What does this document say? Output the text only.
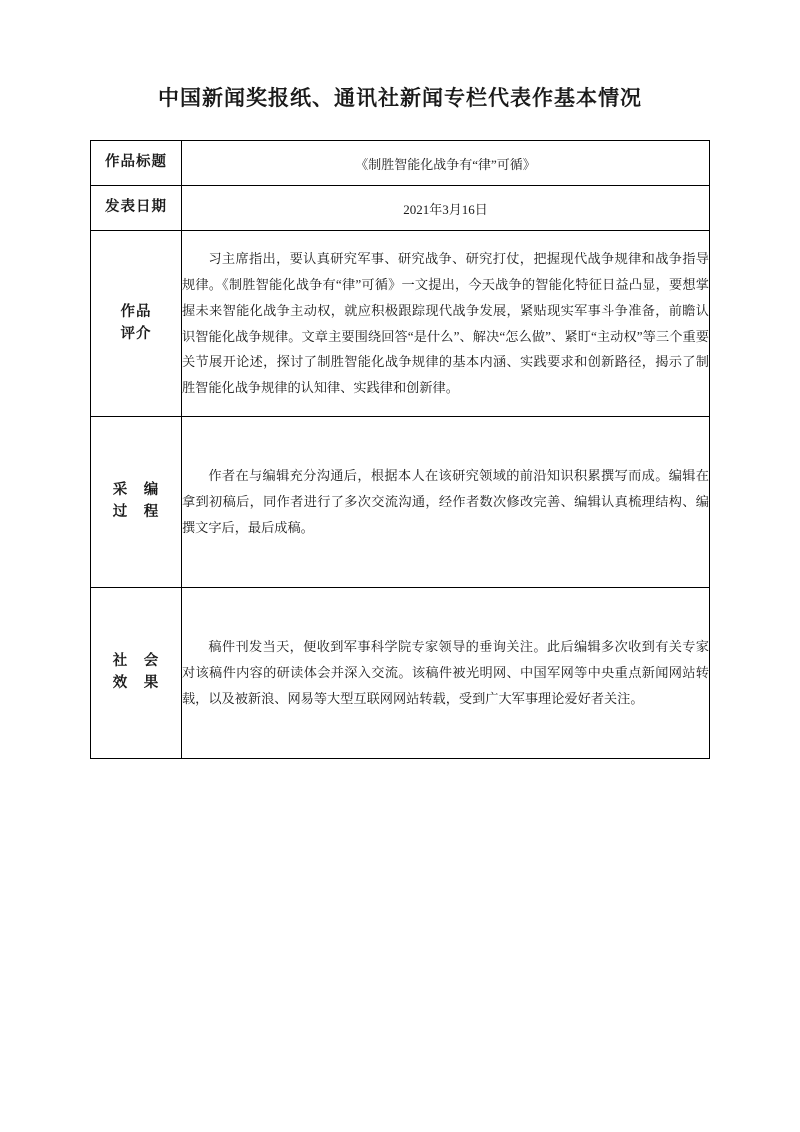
中国新闻奖报纸、通讯社新闻专栏代表作基本情况
作品标题	《制胜智能化战争有“律”可循》

发表日期	2021年3月16日

作品
评介	习主席指出，要认真研究军事、研究战争、研究打仗，把握现代战争规律和战争指导规律。《制胜智能化战争有“律”可循》一文提出，今天战争的智能化特征日益凸显，要想掌握未来智能化战争主动权，就应积极跟踪现代战争发展，紧贴现实军事斗争准备，前瞻认识智能化战争规律。文章主要围绕回答“是什么”、解决“怎么做”、紧盯“主动权”等三个重要关节展开论述，探讨了制胜智能化战争规律的基本内涵、实践要求和创新路径，揭示了制胜智能化战争规律的认知律、实践律和创新律。

采　编
过　程	作者在与编辑充分沟通后，根据本人在该研究领域的前沿知识积累撰写而成。编辑在拿到初稿后，同作者进行了多次交流沟通，经作者数次修改完善、编辑认真梳理结构、编撰文字后，最后成稿。

社　会
效　果	稿件刊发当天，便收到军事科学院专家领导的垂询关注。此后编辑多次收到有关专家对该稿件内容的研读体会并深入交流。该稿件被光明网、中国军网等中央重点新闻网站转载，以及被新浪、网易等大型互联网网站转载，受到广大军事理论爱好者关注。
